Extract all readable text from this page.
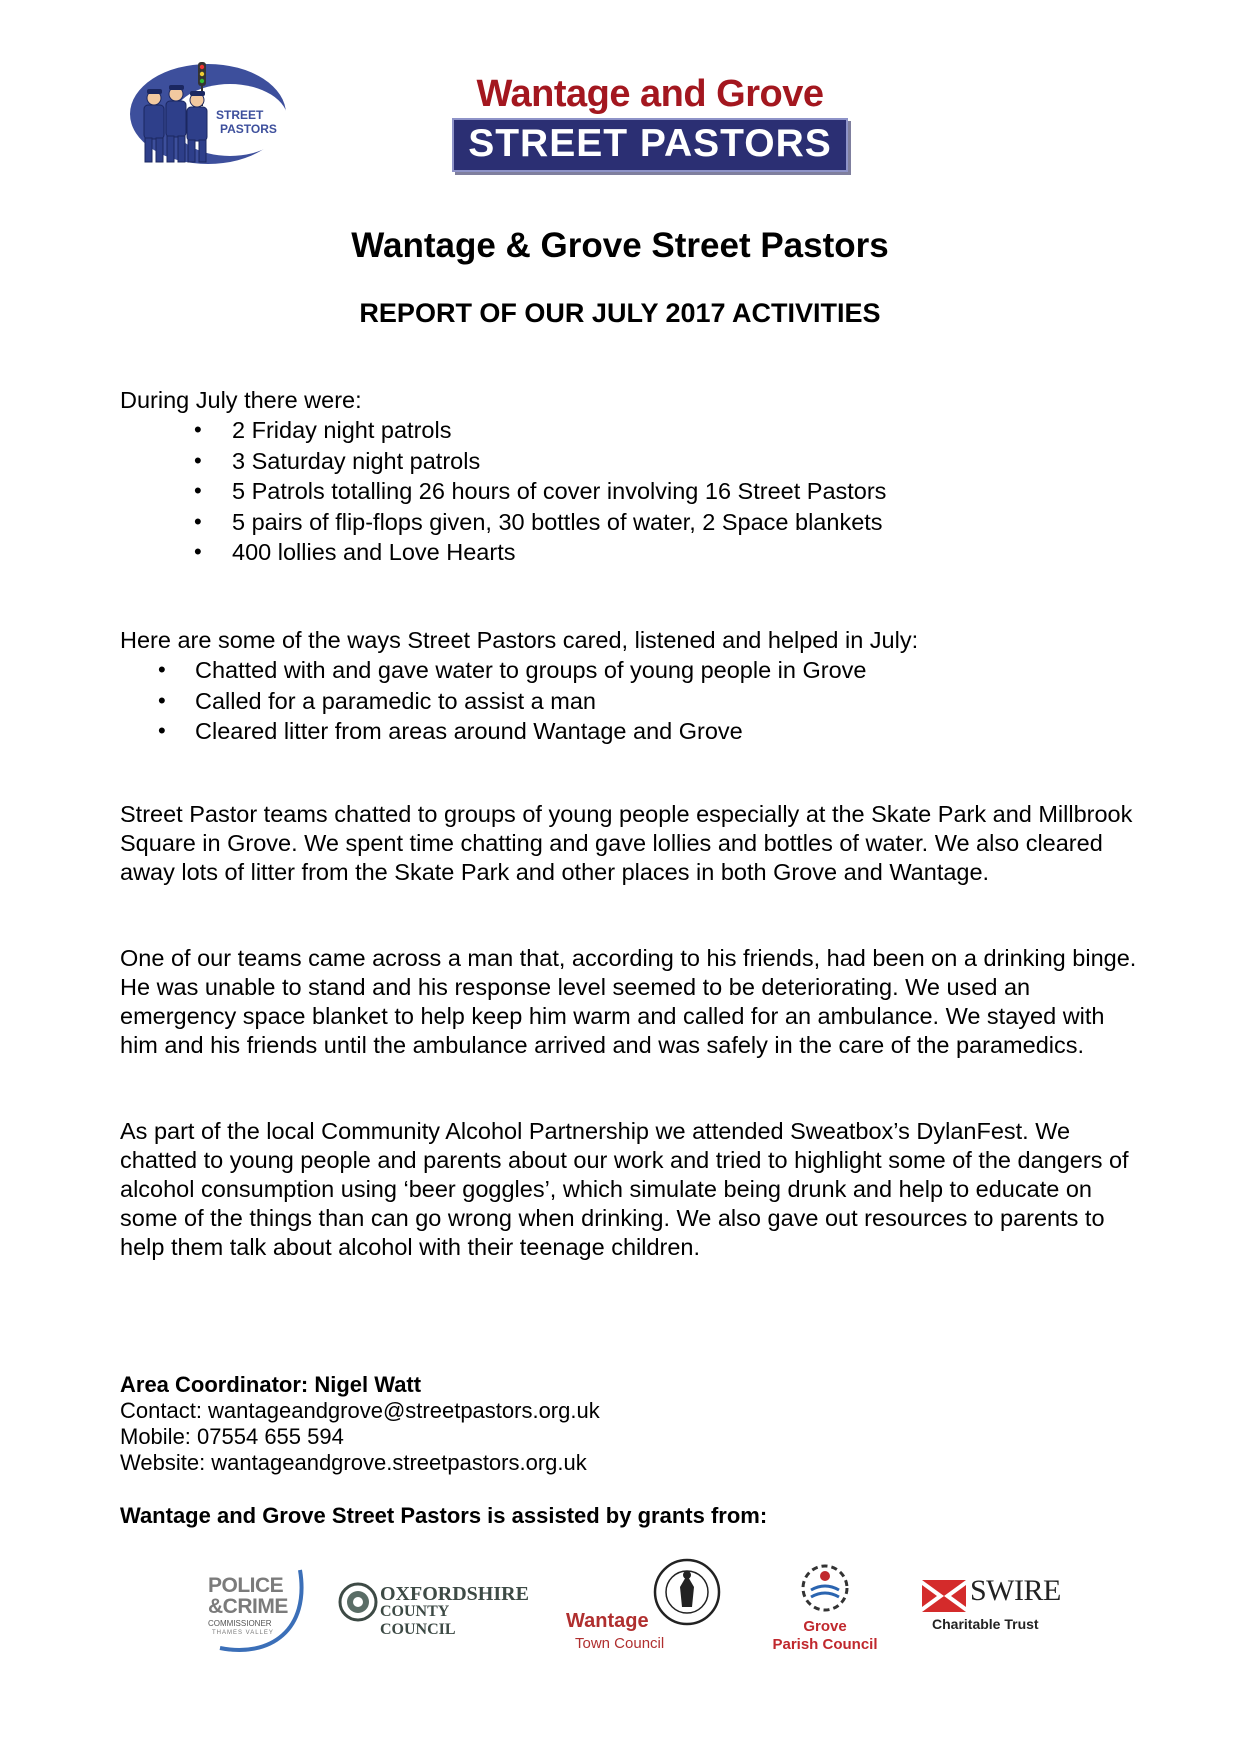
STREET
PASTORS
Wantage and Grove
STREET PASTORS
Wantage & Grove Street Pastors
REPORT OF OUR JULY 2017 ACTIVITIES

During July there were:

• 2 Friday night patrols
• 3 Saturday night patrols
• 5 Patrols totalling 26 hours of cover involving 16 Street Pastors
• 5 pairs of flip-flops given, 30 bottles of water, 2 Space blankets
• 400 lollies and Love Hearts

Here are some of the ways Street Pastors cared, listened and helped in July:

• Chatted with and gave water to groups of young people in Grove
• Called for a paramedic to assist a man
• Cleared litter from areas around Wantage and Grove

Street Pastor teams chatted to groups of young people especially at the Skate Park and Millbrook Square in Grove. We spent time chatting and gave lollies and bottles of water. We also cleared away lots of litter from the Skate Park and other places in both Grove and Wantage.

One of our teams came across a man that, according to his friends, had been on a drinking binge. He was unable to stand and his response level seemed to be deteriorating. We used an emergency space blanket to help keep him warm and called for an ambulance. We stayed with him and his friends until the ambulance arrived and was safely in the care of the paramedics.

As part of the local Community Alcohol Partnership we attended Sweatbox’s DylanFest. We chatted to young people and parents about our work and tried to highlight some of the dangers of alcohol consumption using ‘beer goggles’, which simulate being drunk and help to educate on some of the things than can go wrong when drinking. We also gave out resources to parents to help them talk about alcohol with their teenage children.

Area Coordinator: Nigel Watt
Contact: wantageandgrove@streetpastors.org.uk
Mobile: 07554 655 594
Website: wantageandgrove.streetpastors.org.uk
Wantage and Grove Street Pastors is assisted by grants from:
POLICE
&CRIME
COMMISSIONER
THAMES VALLEY
OXFORDSHIRE
COUNTY COUNCIL	Wantage
Town Council
Grove
Parish Council
SWIRE
Charitable Trust
